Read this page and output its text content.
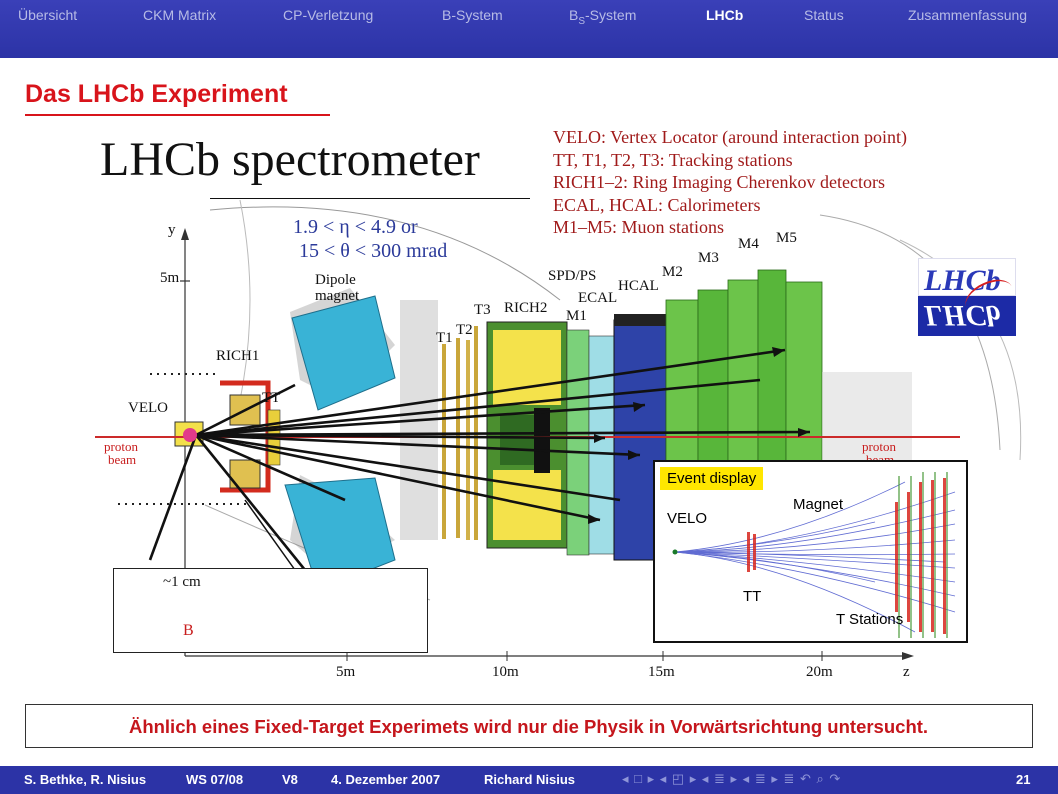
Übersicht	CKM Matrix	CP-Verletzung	B-System	$B_S$-System	LHCb	Status	Zusammenfassung
Das LHCb Experiment
LHCb spectrometer	VELO: Vertex Locator (around interaction point)
TT, T1, T2, T3: Tracking stations
RICH1–2: Ring Imaging Cherenkov detectors
ECAL, HCAL: Calorimeters
M1–M5: Muon stations
1.9 < η < 4.9 or
15 < θ < 300 mrad
y
5m	Dipole
magnet
RICH1
VELO
TT
T1 T2
T3 RICH2
SPD/PS
ECAL
HCAL
M1
M2
M3
M4 M5
proton
beam
proton
z
5m	10m	15m	20m
~1 cm
B
LHCb
LHCb
Event display
VELO
Magnet
TT
T Stations
Ähnlich eines Fixed-Target Experimets wird nur die Physik in Vorwärtsrichtung untersucht.
S. Bethke, R. Nisius	WS 07/08	V8	4. Dezember 2007	Richard Nisius	◂ □ ▸ ◂ ◰ ▸ ◂ ≣ ▸ ◂ ≣ ▸ ≣ ↶ ⌕ ↷	21
